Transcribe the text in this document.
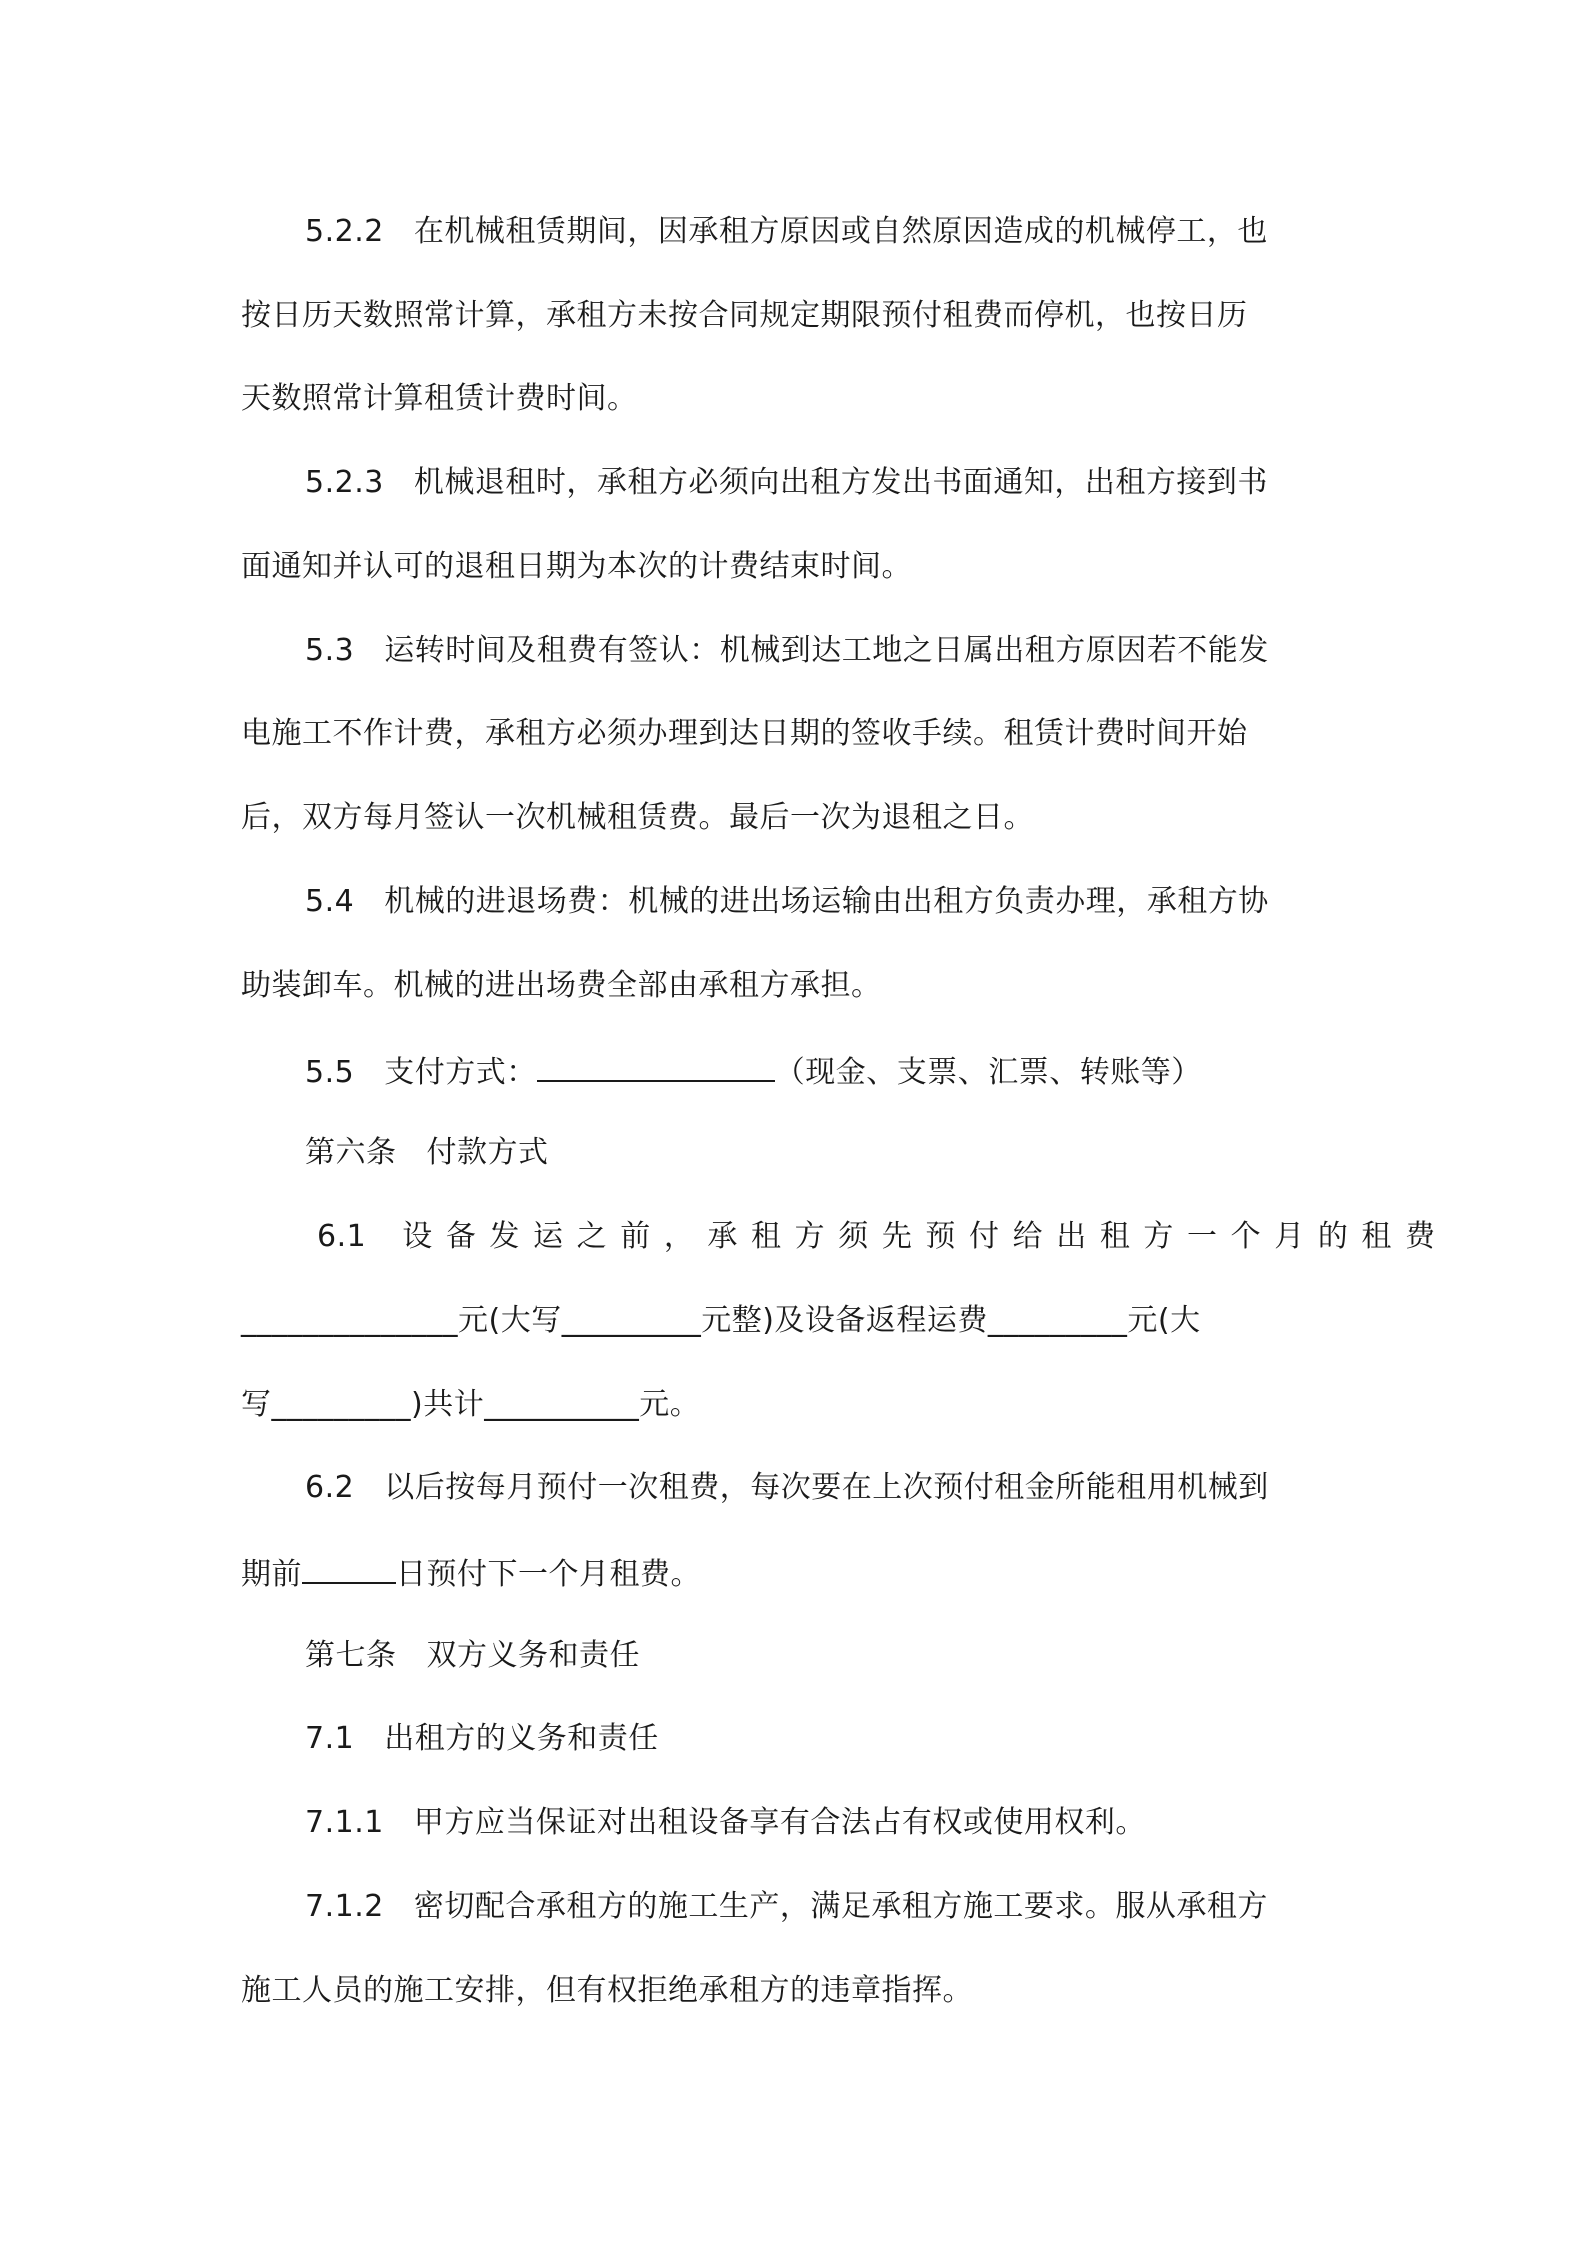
5.2.2 在机械租赁期间，因承租方原因或自然原因造成的机械停工，也
按日历天数照常计算，承租方未按合同规定期限预付租费而停机，也按日历
天数照常计算租赁计费时间。
5.2.3 机械退租时，承租方必须向出租方发出书面通知，出租方接到书
面通知并认可的退租日期为本次的计费结束时间。
5.3 运转时间及租费有签认：机械到达工地之日属出租方原因若不能发
电施工不作计费，承租方必须办理到达日期的签收手续。租赁计费时间开始
后，双方每月签认一次机械租赁费。最后一次为退租之日。
5.4 机械的进退场费：机械的进出场运输由出租方负责办理，承租方协
助装卸车。机械的进出场费全部由承租方承担。
5.5 支付方式：	（现金、支票、汇票、转账等）
第六条 付款方式
6.1 设备发运之前，承租方须先预付给出租方一个月的租费
______________元(大写_________元整)及设备返程运费_________元(大
写_________)共计__________元。
6.2 以后按每月预付一次租费，每次要在上次预付租金所能租用机械到
期前	日预付下一个月租费。
第七条 双方义务和责任
7.1 出租方的义务和责任
7.1.1 甲方应当保证对出租设备享有合法占有权或使用权利。
7.1.2 密切配合承租方的施工生产，满足承租方施工要求。服从承租方
施工人员的施工安排，但有权拒绝承租方的违章指挥。
